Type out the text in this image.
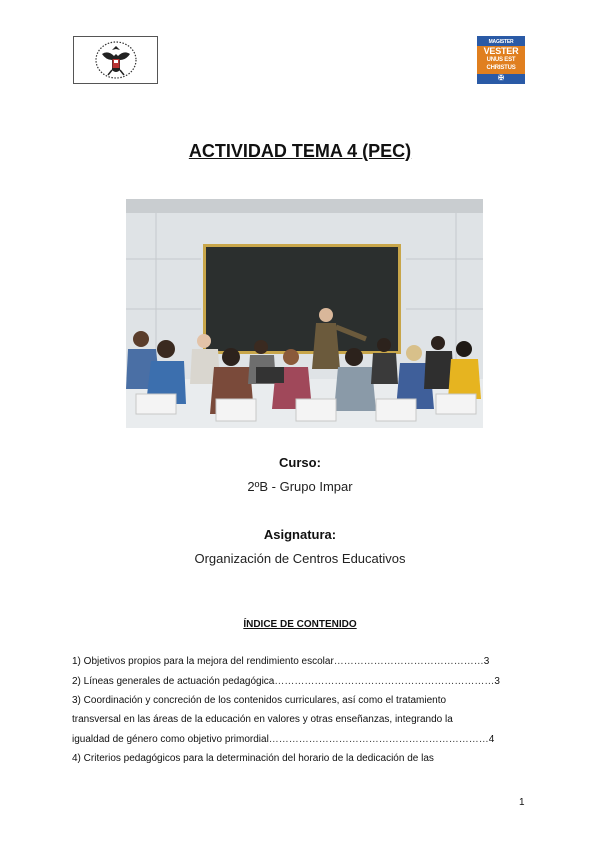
MAGISTER
VESTER
UNUS EST
CHRISTUS
✠
ACTIVIDAD TEMA 4 (PEC)
Curso:
2ºB - Grupo Impar
Asignatura:
Organización de Centros Educativos
ÍNDICE DE CONTENIDO
1) Objetivos propios para la mejora del rendimiento escolar………………………………………3
2) Líneas generales de actuación pedagógica…………………………………………………………3
3) Coordinación y concreción de los contenidos curriculares, así como el tratamiento
transversal en las áreas de la educación en valores y otras enseñanzas, integrando la
igualdad de género como objetivo primordial…………………………………………………………4
4) Criterios pedagógicos para la determinación del horario de la dedicación de las
1
